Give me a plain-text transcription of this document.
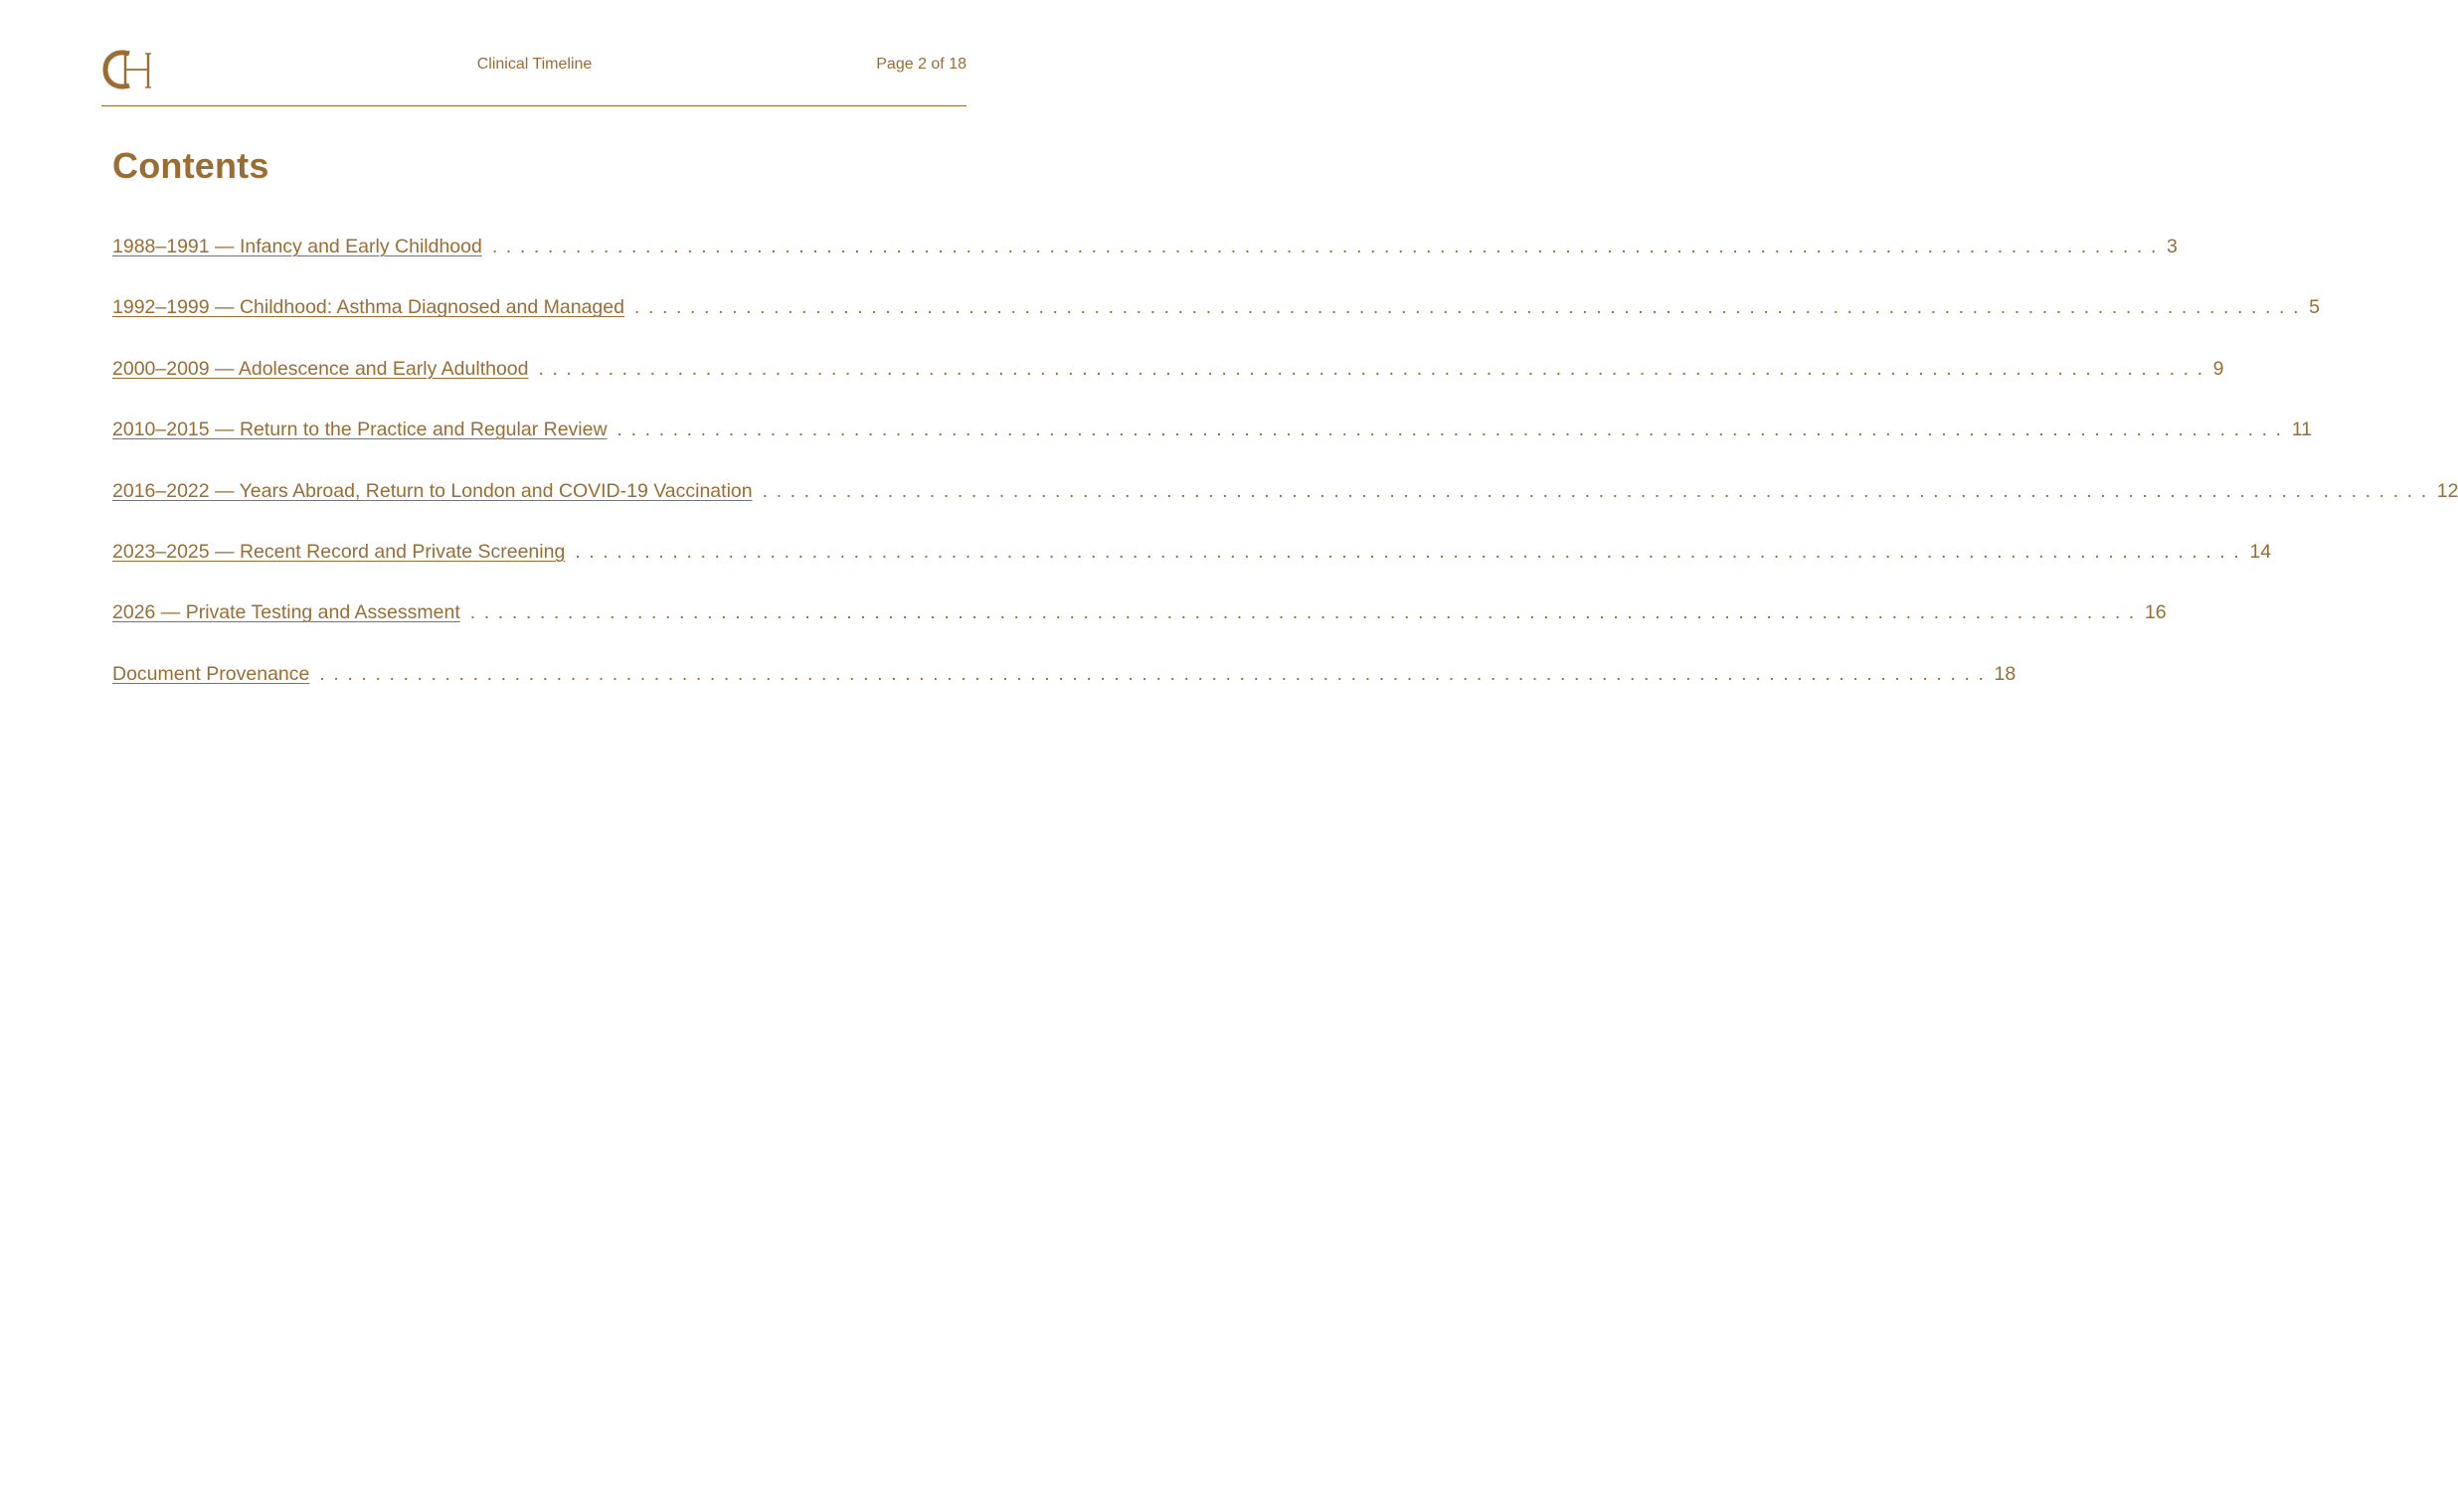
Clinical Timeline	Page 2 of 18
Contents
1988–1991 — Infancy and Early Childhood ........................................................................................................................ 3
1992–1999 — Childhood: Asthma Diagnosed and Managed ........................................................................................................................ 5
2000–2009 — Adolescence and Early Adulthood ........................................................................................................................ 9
2010–2015 — Return to the Practice and Regular Review ........................................................................................................................ 11
2016–2022 — Years Abroad, Return to London and COVID-19 Vaccination ........................................................................................................................ 12
2023–2025 — Recent Record and Private Screening ........................................................................................................................ 14
2026 — Private Testing and Assessment ........................................................................................................................ 16
Document Provenance ........................................................................................................................ 18
